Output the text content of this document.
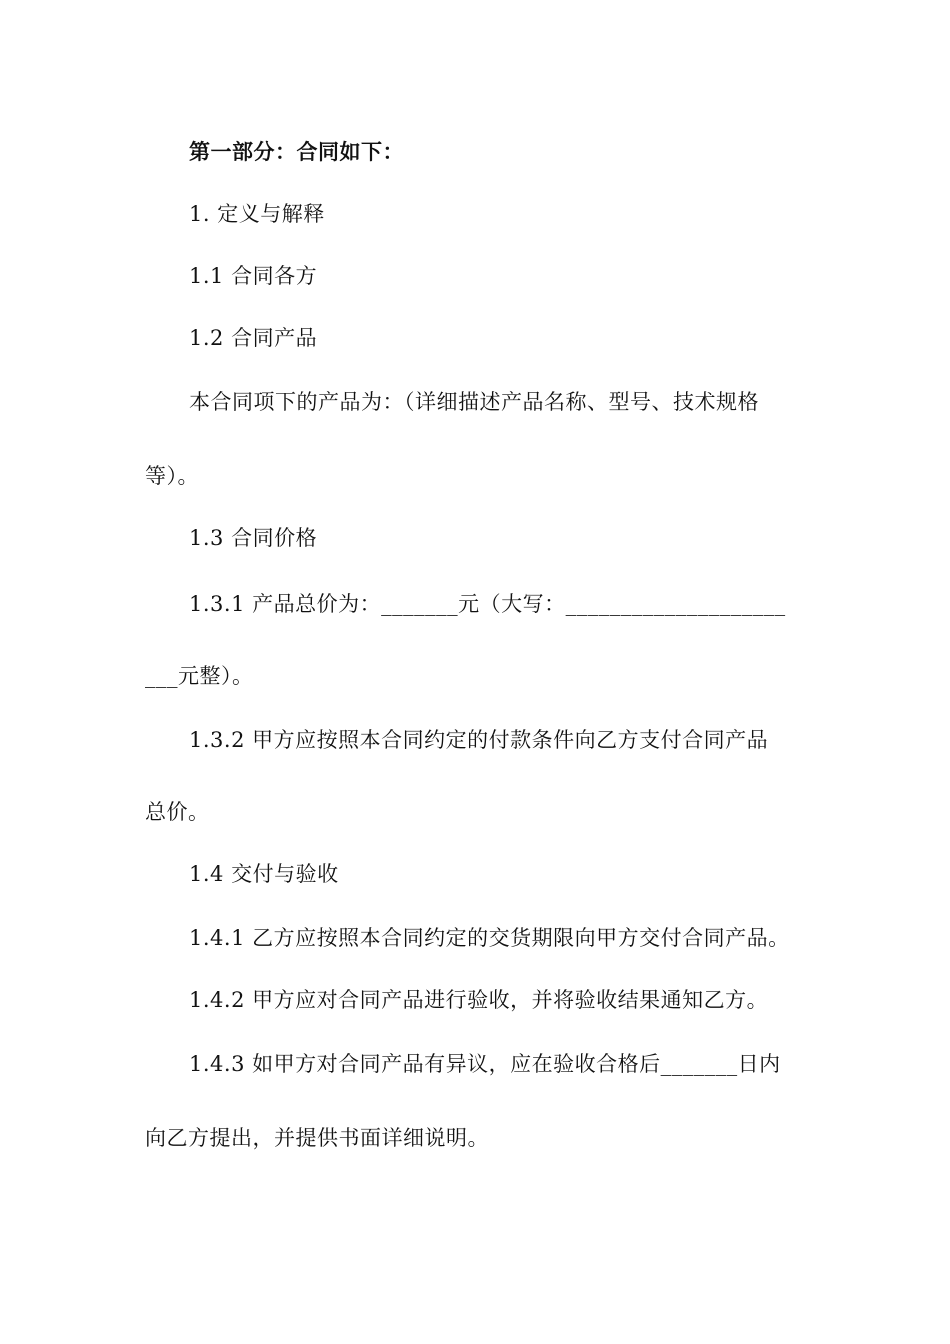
第一部分：合同如下：
1. 定义与解释
1.1 合同各方
1.2 合同产品
本合同项下的产品为：（详细描述产品名称、型号、技术规格
等）。
1.3 合同价格
1.3.1 产品总价为：_______元（大写：____________________
___元整）。
1.3.2 甲方应按照本合同约定的付款条件向乙方支付合同产品
总价。
1.4 交付与验收
1.4.1 乙方应按照本合同约定的交货期限向甲方交付合同产品。
1.4.2 甲方应对合同产品进行验收，并将验收结果通知乙方。
1.4.3 如甲方对合同产品有异议，应在验收合格后_______日内
向乙方提出，并提供书面详细说明。
